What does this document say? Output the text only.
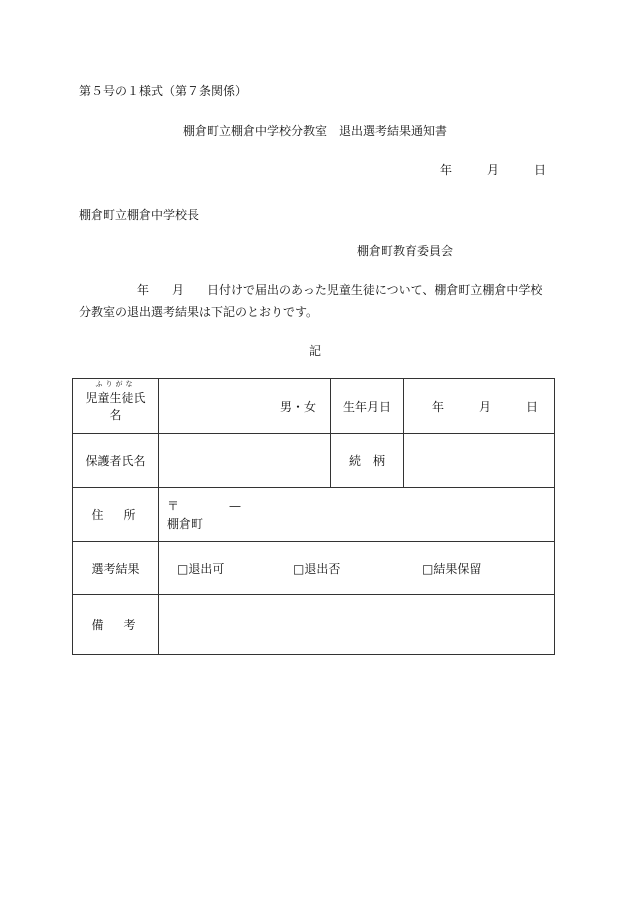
第５号の１様式（第７条関係）
棚倉町立棚倉中学校分教室　退出選考結果通知書
年	月	日
棚倉町立棚倉中学校長
棚倉町教育委員会
年 月 日付けで届出のあった児童生徒について、棚倉町立棚倉中学校分教室の退出選考結果は下記のとおりです。
記
ふりがな
児童生徒氏名	男・女	生年月日	年 月 日
保護者氏名		続　柄	
住　所	〒 —
棚倉町		

選考結果	□退出可 □退出否 □結果保留		
備　考			
